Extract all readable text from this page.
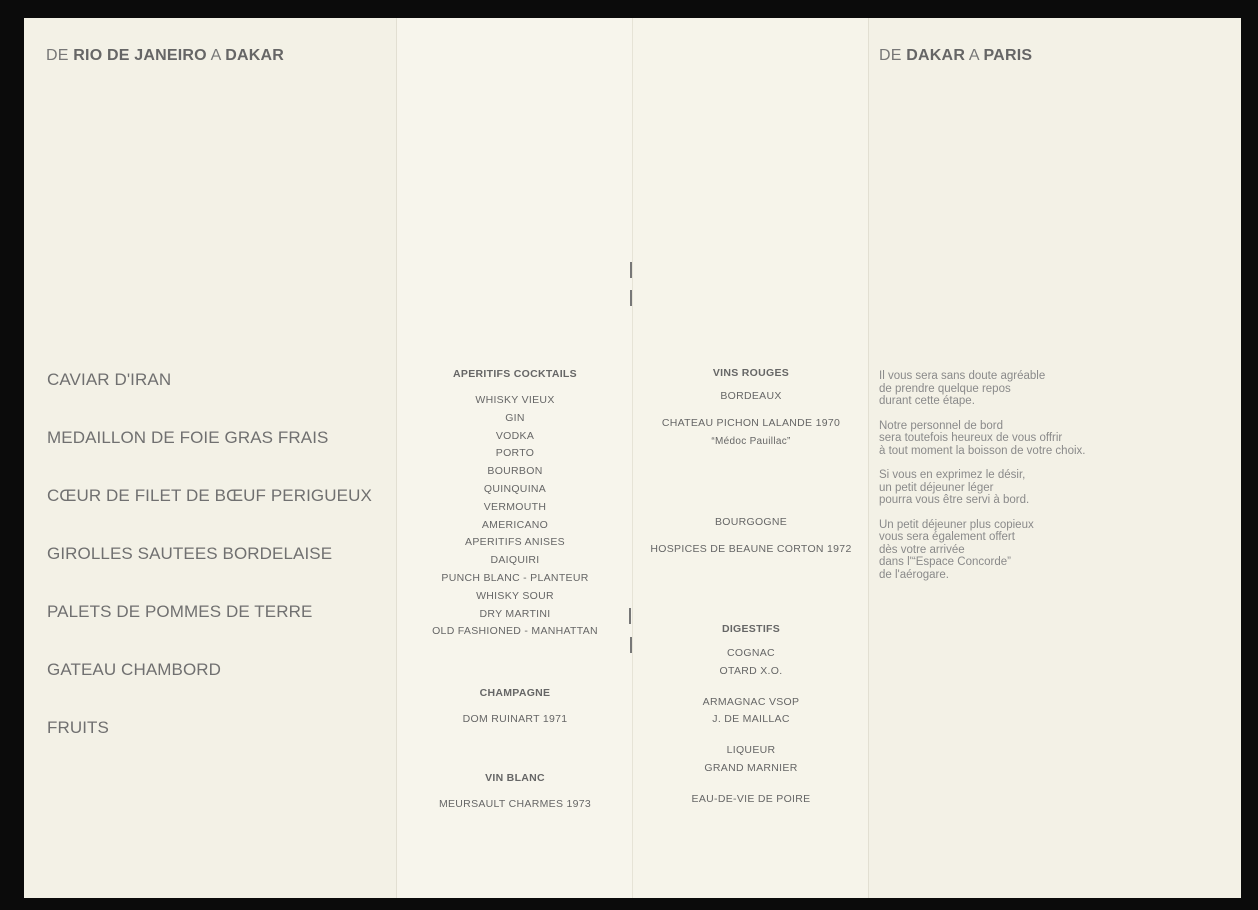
DE RIO DE JANEIRO A DAKAR
CAVIAR D'IRAN
MEDAILLON DE FOIE GRAS FRAIS
CŒUR DE FILET DE BŒUF PERIGUEUX
GIROLLES SAUTEES BORDELAISE
PALETS DE POMMES DE TERRE
GATEAU CHAMBORD
FRUITS
APERITIFS COCKTAILS
WHISKY VIEUX
GIN
VODKA
PORTO
BOURBON
QUINQUINA
VERMOUTH
AMERICANO
APERITIFS ANISES
DAIQUIRI
PUNCH BLANC - PLANTEUR
WHISKY SOUR
DRY MARTINI
OLD FASHIONED - MANHATTAN
CHAMPAGNE
DOM RUINART 1971
VIN BLANC
MEURSAULT CHARMES 1973
VINS ROUGES
BORDEAUX
CHATEAU PICHON LALANDE 1970
“Médoc Pauillac”
BOURGOGNE
HOSPICES DE BEAUNE CORTON 1972
DIGESTIFS
COGNAC
OTARD X.O.
ARMAGNAC VSOP
J. DE MAILLAC
LIQUEUR
GRAND MARNIER
EAU-DE-VIE DE POIRE
DE DAKAR A PARIS

Il vous sera sans doute agréable
de prendre quelque repos
durant cette étape.

Notre personnel de bord
sera toutefois heureux de vous offrir
à tout moment la boisson de votre choix.

Si vous en exprimez le désir,
un petit déjeuner léger
pourra vous être servi à bord.

Un petit déjeuner plus copieux
vous sera également offert
dès votre arrivée
dans l'“Espace Concorde”
de l'aérogare.
